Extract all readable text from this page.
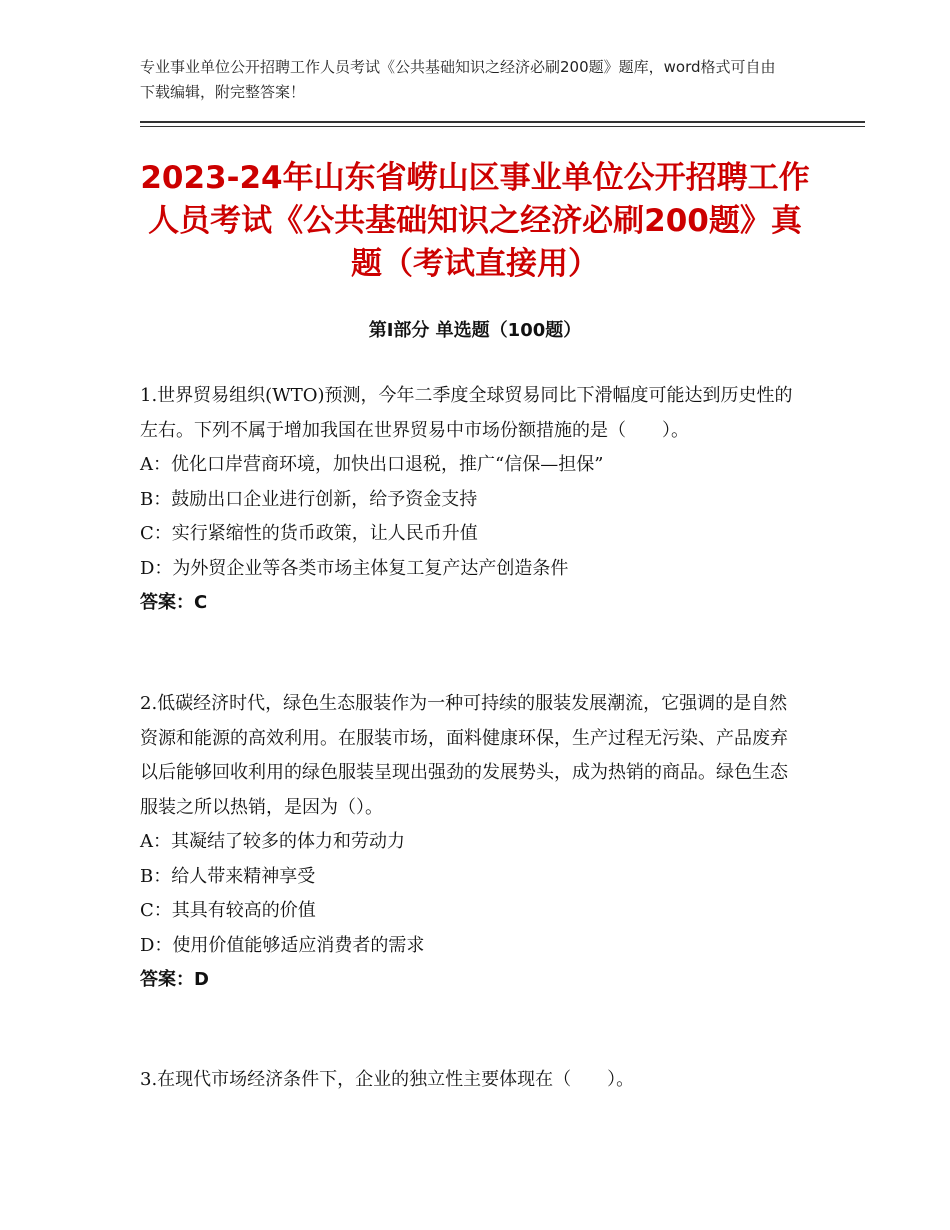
专业事业单位公开招聘工作人员考试《公共基础知识之经济必刷200题》题库，word格式可自由下载编辑，附完整答案！
2023-24年山东省崂山区事业单位公开招聘工作人员考试《公共基础知识之经济必刷200题》真题（考试直接用）
第Ⅰ部分 单选题（100题）

1.世界贸易组织(WTO)预测，今年二季度全球贸易同比下滑幅度可能达到历史性的左右。下列不属于增加我国在世界贸易中市场份额措施的是（　　）。

A：优化口岸营商环境，加快出口退税，推广“信保—担保”

B：鼓励出口企业进行创新，给予资金支持

C：实行紧缩性的货币政策，让人民币升值

D：为外贸企业等各类市场主体复工复产达产创造条件

答案：C

2.低碳经济时代，绿色生态服装作为一种可持续的服装发展潮流，它强调的是自然资源和能源的高效利用。在服装市场，面料健康环保，生产过程无污染、产品废弃以后能够回收利用的绿色服装呈现出强劲的发展势头，成为热销的商品。绿色生态服装之所以热销，是因为（）。

A：其凝结了较多的体力和劳动力

B：给人带来精神享受

C：其具有较高的价值

D：使用价值能够适应消费者的需求

答案：D

3.在现代市场经济条件下，企业的独立性主要体现在（　　）。
